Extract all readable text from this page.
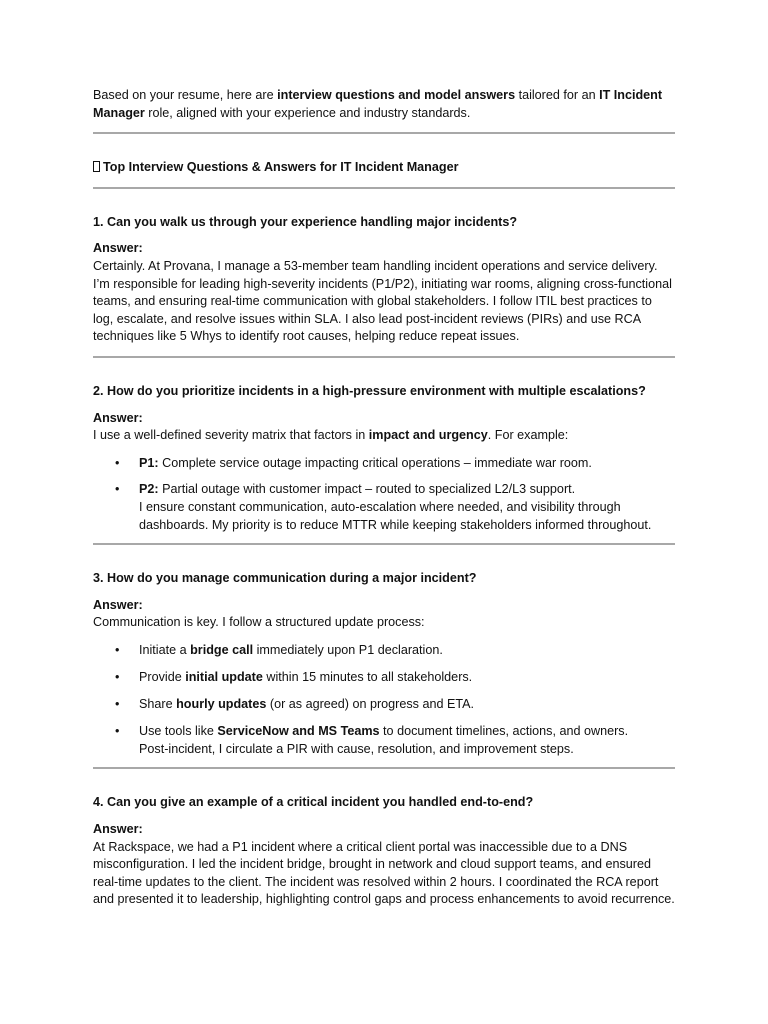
Based on your resume, here are interview questions and model answers tailored for an IT Incident Manager role, aligned with your experience and industry standards.

Top Interview Questions & Answers for IT Incident Manager

1. Can you walk us through your experience handling major incidents?

Answer:

Certainly. At Provana, I manage a 53-member team handling incident operations and service delivery. I’m responsible for leading high-severity incidents (P1/P2), initiating war rooms, aligning cross-functional teams, and ensuring real-time communication with global stakeholders. I follow ITIL best practices to log, escalate, and resolve issues within SLA. I also lead post-incident reviews (PIRs) and use RCA techniques like 5 Whys to identify root causes, helping reduce repeat issues.

2. How do you prioritize incidents in a high-pressure environment with multiple escalations?

Answer:

I use a well-defined severity matrix that factors in impact and urgency. For example:

• P1: Complete service outage impacting critical operations – immediate war room.
• P2: Partial outage with customer impact – routed to specialized L2/L3 support.
I ensure constant communication, auto-escalation where needed, and visibility through dashboards. My priority is to reduce MTTR while keeping stakeholders informed throughout.

3. How do you manage communication during a major incident?

Answer:

Communication is key. I follow a structured update process:

• Initiate a bridge call immediately upon P1 declaration.
• Provide initial update within 15 minutes to all stakeholders.
• Share hourly updates (or as agreed) on progress and ETA.
• Use tools like ServiceNow and MS Teams to document timelines, actions, and owners.
Post-incident, I circulate a PIR with cause, resolution, and improvement steps.

4. Can you give an example of a critical incident you handled end-to-end?

Answer:

At Rackspace, we had a P1 incident where a critical client portal was inaccessible due to a DNS misconfiguration. I led the incident bridge, brought in network and cloud support teams, and ensured real-time updates to the client. The incident was resolved within 2 hours. I coordinated the RCA report and presented it to leadership, highlighting control gaps and process enhancements to avoid recurrence.
